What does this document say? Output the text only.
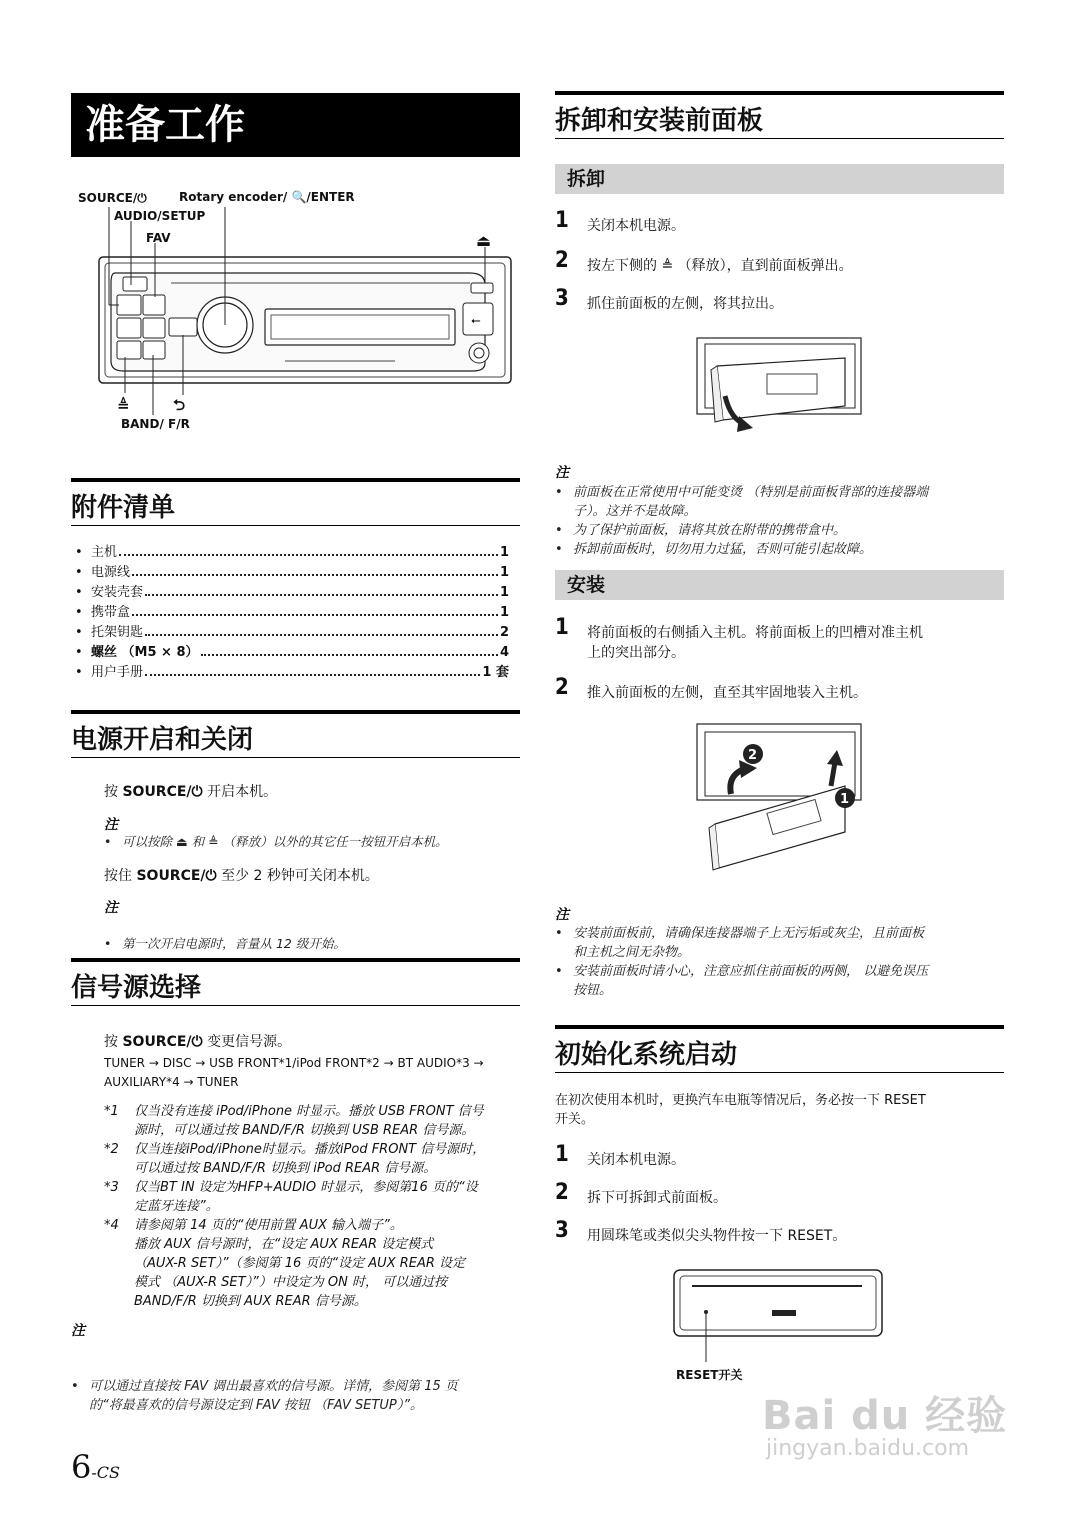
准备工作
SOURCE/⏻	Rotary encoder/ 🔍/ENTER
AUDIO/SETUP
FAV	⏏
⭠
≜	⮌
BAND/ F/R
附件清单
• 主机	1
• 电源线	1
• 安装壳套	1
• 携带盒	1
• 托架钥匙	2
• 螺丝 （M5 × 8）	4
• 用户手册	1 套
电源开启和关闭
按 SOURCE/⏻ 开启本机。
注
• 可以按除 ⏏ 和 ≜ （释放）以外的其它任一按钮开启本机。
按住 SOURCE/⏻ 至少 2 秒钟可关闭本机。
注
• 第一次开启电源时，音量从 12 级开始。
信号源选择
按 SOURCE/⏻ 变更信号源。
TUNER → DISC → USB FRONT*1/iPod FRONT*2 → BT AUDIO*3 →
AUXILIARY*4 → TUNER
*1 仅当没有连接 iPod/iPhone 时显示。播放 USB FRONT 信号
源时，可以通过按 BAND/F/R 切换到 USB REAR 信号源。
*2 仅当连接iPod/iPhone时显示。播放iPod FRONT 信号源时，
可以通过按 BAND/F/R 切换到 iPod REAR 信号源。
*3 仅当BT IN 设定为HFP+AUDIO 时显示，参阅第16 页的“设
定蓝牙连接”。
*4 请参阅第 14 页的“使用前置 AUX 输入端子”。
播放 AUX 信号源时，在“设定 AUX REAR 设定模式
（AUX-R SET）”（参阅第 16 页的“设定 AUX REAR 设定
模式 （AUX-R SET）”）中设定为 ON 时， 可以通过按
BAND/F/R 切换到 AUX REAR 信号源。
注
• 可以通过直接按 FAV 调出最喜欢的信号源。详情，参阅第 15 页
的“将最喜欢的信号源设定到 FAV 按钮 （FAV SETUP）”。
6-CS
拆卸和安装前面板
拆卸
1 关闭本机电源。
2 按左下侧的 ≜ （释放），直到前面板弹出。
3 抓住前面板的左侧，将其拉出。
注
• 前面板在正常使用中可能变烫 （特别是前面板背部的连接器端
子）。这并不是故障。
• 为了保护前面板，请将其放在附带的携带盒中。
• 拆卸前面板时，切勿用力过猛，否则可能引起故障。
安装
1 将前面板的右侧插入主机。将前面板上的凹槽对准主机
上的突出部分。
2 推入前面板的左侧，直至其牢固地装入主机。
2
1
注
• 安装前面板前，请确保连接器端子上无污垢或灰尘，且前面板
和主机之间无杂物。
• 安装前面板时请小心，注意应抓住前面板的两侧， 以避免误压
按钮。
初始化系统启动
在初次使用本机时，更换汽车电瓶等情况后，务必按一下 RESET
开关。
1 关闭本机电源。
2 拆下可拆卸式前面板。
3 用圆珠笔或类似尖头物件按一下 RESET。
RESET开关
Bai du 经验
jingyan.baidu.com
